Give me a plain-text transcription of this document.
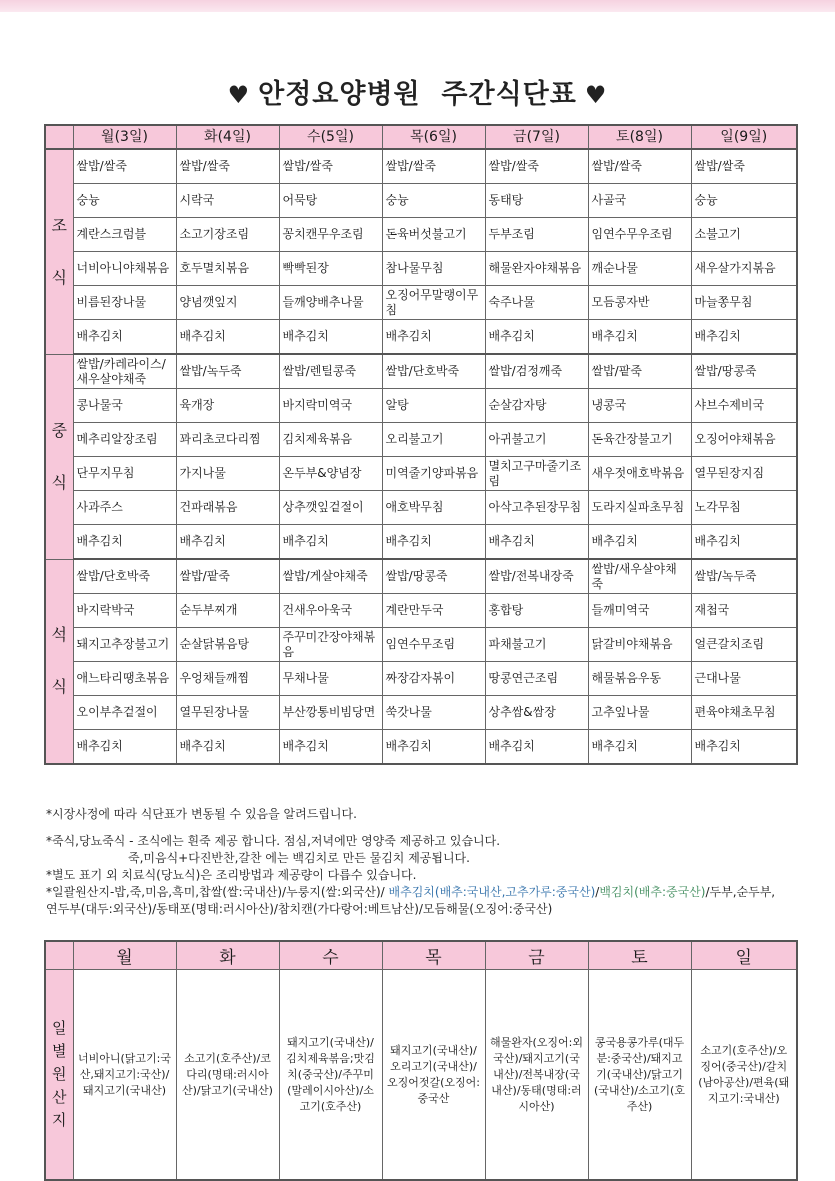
♥ 안정요양병원  주간식단표 ♥
	월(3일)	화(4일)	수(5일)	목(6일)	금(7일)	토(8일)	일(9일)
조

식	쌀밥/쌀죽	쌀밥/쌀죽	쌀밥/쌀죽	쌀밥/쌀죽	쌀밥/쌀죽	쌀밥/쌀죽	쌀밥/쌀죽
	숭늉	시락국	어묵탕	숭늉	동태탕	사골국	숭늉
	계란스크럼블	소고기장조림	꽁치캔무우조림	돈육버섯불고기	두부조림	임연수무우조림	소불고기
	너비아니야채볶음	호두멸치볶음	빡빡된장	참나물무침	해물완자야채볶음	깨순나물	새우살가지볶음
	비름된장나물	양념깻잎지	들깨양배추나물	오징어무말랭이무침	숙주나물	모듬콩자반	마늘쫑무침
	배추김치	배추김치	배추김치	배추김치	배추김치	배추김치	배추김치
중

식	쌀밥/카레라이스/새우살야채죽	쌀밥/녹두죽	쌀밥/렌틸콩죽	쌀밥/단호박죽	쌀밥/검정깨죽	쌀밥/팥죽	쌀밥/땅콩죽
	콩나물국	육개장	바지락미역국	알탕	순살감자탕	냉콩국	샤브수제비국
	메추리알장조림	꽈리초코다리찜	김치제육볶음	오리불고기	아귀불고기	돈육간장불고기	오징어야채볶음
	단무지무침	가지나물	온두부&양념장	미역줄기양파볶음	멸치고구마줄기조림	새우젓애호박볶음	열무된장지짐
	사과주스	건파래볶음	상추깻잎겉절이	애호박무침	아삭고추된장무침	도라지실파초무침	노각무침
	배추김치	배추김치	배추김치	배추김치	배추김치	배추김치	배추김치
석

식	쌀밥/단호박죽	쌀밥/팥죽	쌀밥/게살야채죽	쌀밥/땅콩죽	쌀밥/전복내장죽	쌀밥/새우살야채죽	쌀밥/녹두죽
	바지락박국	순두부찌개	건새우아욱국	계란만두국	홍합탕	들깨미역국	재첩국
	돼지고추장불고기	순살닭볶음탕	주꾸미간장야채볶음	임연수무조림	파채불고기	닭갈비야채볶음	얼큰갈치조림
	애느타리땡초볶음	우엉채들깨찜	무채나물	짜장감자볶이	땅콩연근조림	해물볶음우동	근대나물
	오이부추겉절이	열무된장나물	부산깡통비빔당면	쑥갓나물	상추쌈&쌈장	고추잎나물	편육야채초무침
	배추김치	배추김치	배추김치	배추김치	배추김치	배추김치	배추김치

*시장사정에 따라 식단표가 변동될 수 있음을 알려드립니다.

*죽식,당뇨죽식 - 조식에는 흰죽 제공 합니다. 점심,저녁에만 영양죽 제공하고 있습니다.

죽,미음식+다진반찬,갈찬 에는 백김치로 만든 물김치 제공됩니다.

*별도 표기 외 치료식(당뇨식)은 조리방법과 제공량이 다릅수 있습니다.

*일괄원산지-밥,죽,미음,흑미,찹쌀(쌀:국내산)/누룽지(쌀:외국산)/ 배추김치(배추:국내산,고추가루:중국산)/백김치(배추:중국산)/두부,순두부,

연두부(대두:외국산)/동태포(명태:러시아산)/참치캔(가다랑어:베트남산)/모듬해물(오징어:중국산)

	월	화	수	목	금	토	일
일
별
원
산
지	너비아니(닭고기:국산,돼지고기:국산)/돼지고기(국내산)	소고기(호주산)/코다리(명태:러시아산)/닭고기(국내산)	돼지고기(국내산)/김치제육볶음;맛김치(중국산)/주꾸미(말레이시아산)/소고기(호주산)	돼지고기(국내산)/오리고기(국내산)/오징어젓갈(오징어:중국산	해물완자(오징어:외국산)/돼지고기(국내산)/전복내장(국내산)/동태(명태:러시아산)	콩국용콩가루(대두분:중국산)/돼지고기(국내산)/닭고기(국내산)/소고기(호주산)	소고기(호주산)/오징어(중국산)/갈치(남아공산)/편육(돼지고기:국내산)
